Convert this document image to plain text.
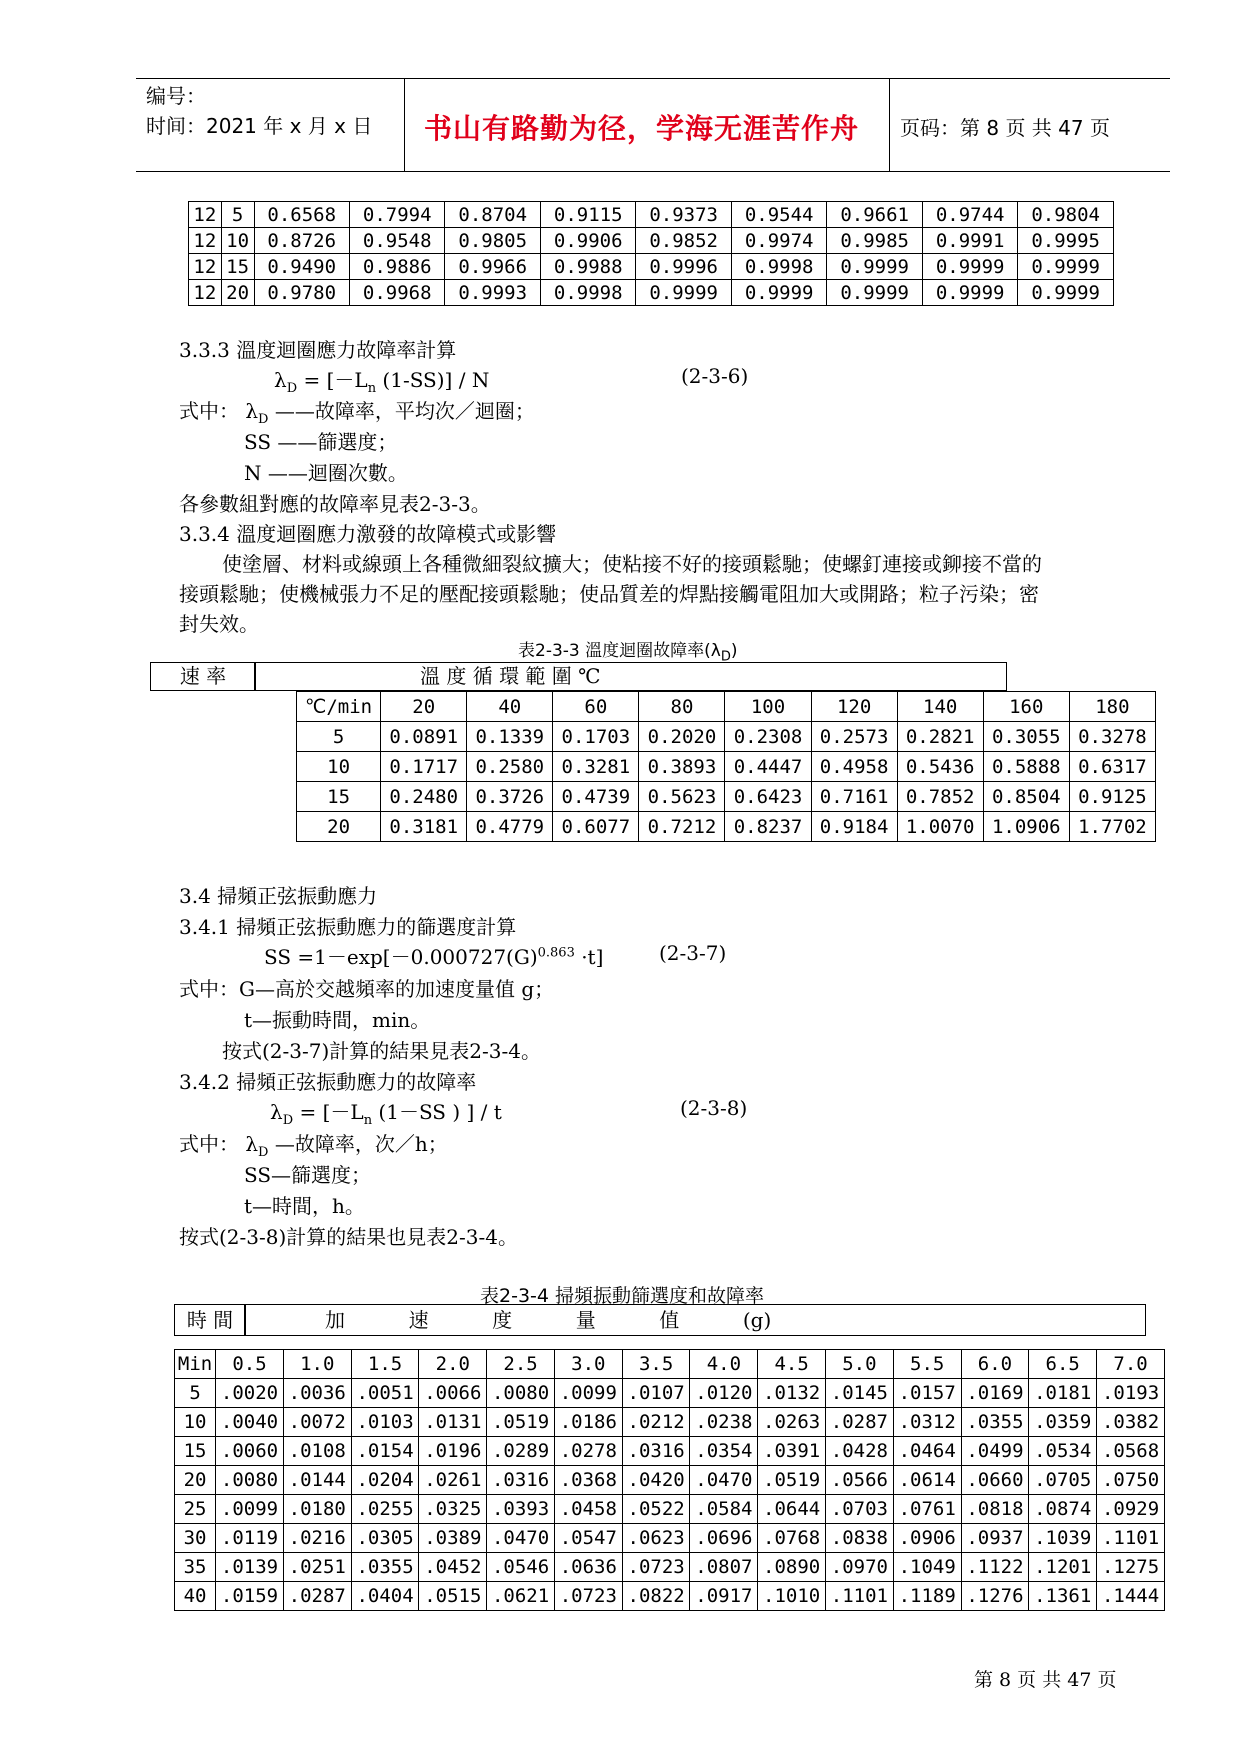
编号：
时间：2021 年 x 月 x 日 书山有路勤为径，学海无涯苦作舟 页码：第 8 页 共 47 页
12	5	0.6568	0.7994	0.8704	0.9115	0.9373	0.9544	0.9661	0.9744	0.9804
12	10	0.8726	0.9548	0.9805	0.9906	0.9852	0.9974	0.9985	0.9991	0.9995
12	15	0.9490	0.9886	0.9966	0.9988	0.9996	0.9998	0.9999	0.9999	0.9999
12	20	0.9780	0.9968	0.9993	0.9998	0.9999	0.9999	0.9999	0.9999	0.9999
3.3.3 溫度迴圈應力故障率計算
$\lambda_D = [-L_n$ (1-SS)] / N	(2-3-6)
式中： $\lambda_D$ ——故障率，平均次／迴圈；
SS ——篩選度；
N ——迴圈次數。
各參數組對應的故障率見表2-3-3。
3.3.4 溫度迴圈應力激發的故障模式或影響
使塗層、材料或線頭上各種微細裂紋擴大；使粘接不好的接頭鬆馳；使螺釘連接或鉚接不當的
接頭鬆馳；使機械張力不足的壓配接頭鬆馳；使品質差的焊點接觸電阻加大或開路；粒子污染；密
封失效。
表2-3-3 溫度迴圈故障率$(\lambda_D)$
速 率	溫 度 循 環 範 圍 ℃
℃/min	20	40	60	80	100	120	140	160	180
5	0.0891	0.1339	0.1703	0.2020	0.2308	0.2573	0.2821	0.3055	0.3278
10	0.1717	0.2580	0.3281	0.3893	0.4447	0.4958	0.5436	0.5888	0.6317
15	0.2480	0.3726	0.4739	0.5623	0.6423	0.7161	0.7852	0.8504	0.9125
20	0.3181	0.4779	0.6077	0.7212	0.8237	0.9184	1.0070	1.0906	1.7702
3.4 掃頻正弦振動應力
3.4.1 掃頻正弦振動應力的篩選度計算
SS $=1-\exp[-0.000727(G)^{0.863} \cdot t]$	(2-3-7)
式中：G—高於交越頻率的加速度量值 g；
t—振動時間，min。
按式(2-3-7)計算的結果見表2-3-4。
3.4.2 掃頻正弦振動應力的故障率
$\lambda_D = [-L_n$ (1－SS ) ] / t	(2-3-8)
式中： $\lambda_D$ —故障率，次／h；
SS—篩選度；
t—時間，h。
按式(2-3-8)計算的結果也見表2-3-4。
表2-3-4 掃頻振動篩選度和故障率
時 間	加          速          度          量          值          (g)
Min	0.5	1.0	1.5	2.0	2.5	3.0	3.5	4.0	4.5	5.0	5.5	6.0	6.5	7.0
5	.0020	.0036	.0051	.0066	.0080	.0099	.0107	.0120	.0132	.0145	.0157	.0169	.0181	.0193
10	.0040	.0072	.0103	.0131	.0519	.0186	.0212	.0238	.0263	.0287	.0312	.0355	.0359	.0382
15	.0060	.0108	.0154	.0196	.0289	.0278	.0316	.0354	.0391	.0428	.0464	.0499	.0534	.0568
20	.0080	.0144	.0204	.0261	.0316	.0368	.0420	.0470	.0519	.0566	.0614	.0660	.0705	.0750
25	.0099	.0180	.0255	.0325	.0393	.0458	.0522	.0584	.0644	.0703	.0761	.0818	.0874	.0929
30	.0119	.0216	.0305	.0389	.0470	.0547	.0623	.0696	.0768	.0838	.0906	.0937	.1039	.1101
35	.0139	.0251	.0355	.0452	.0546	.0636	.0723	.0807	.0890	.0970	.1049	.1122	.1201	.1275
40	.0159	.0287	.0404	.0515	.0621	.0723	.0822	.0917	.1010	.1101	.1189	.1276	.1361	.1444
第 8 页 共 47 页
